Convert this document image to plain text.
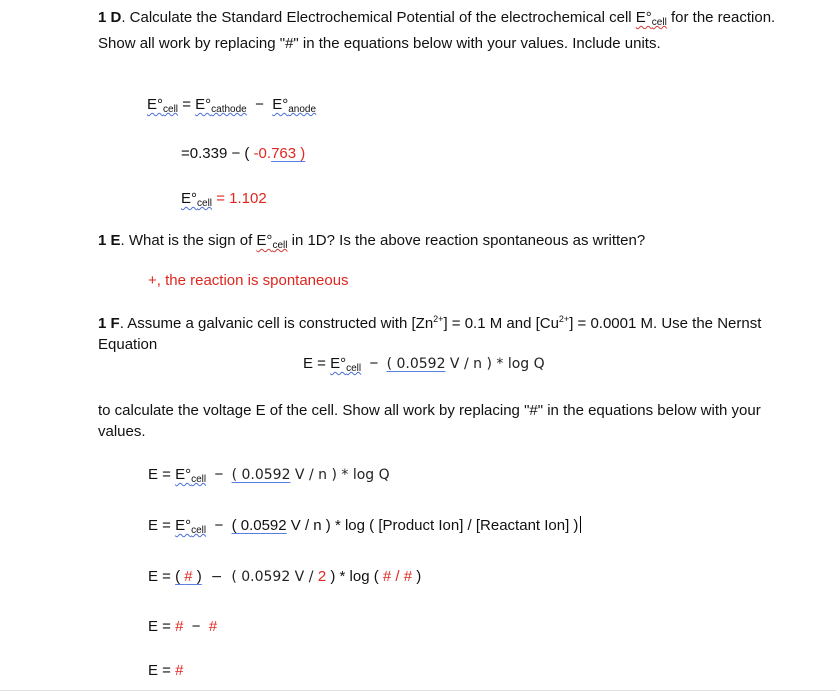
1 D. Calculate the Standard Electrochemical Potential of the electrochemical cell $E^\circ_{cell}$ for the reaction. Show all work by replacing "#" in the equations below with your values. Include units.
$E^\circ_{cell} = E^\circ_{cathode} - E^\circ_{anode}$
=0.339 − ( -0.763 )
$E^\circ_{cell} = 1.102$
1 E. What is the sign of $E^\circ_{cell}$ in 1D? Is the above reaction spontaneous as written?
+, the reaction is spontaneous
1 F. Assume a galvanic cell is constructed with $[Zn^{2+}] = 0.1$ M and $[Cu^{2+}] = 0.0001$ M. Use the Nernst Equation
$E = E^\circ_{cell}$  −  ( 0.0592 V / n ) * log Q
to calculate the voltage E of the cell. Show all work by replacing "#" in the equations below with your values.
$E = E^\circ_{cell}$  −  ( 0.0592 V / n ) * log Q
$E = E^\circ_{cell}$  −  ( 0.0592 V / n ) * log ( [Product Ion] / [Reactant Ion] )
E = ( # )  −  ( 0.0592 V / 2 ) * log ( # / # )
E = #  −  #
E = #
